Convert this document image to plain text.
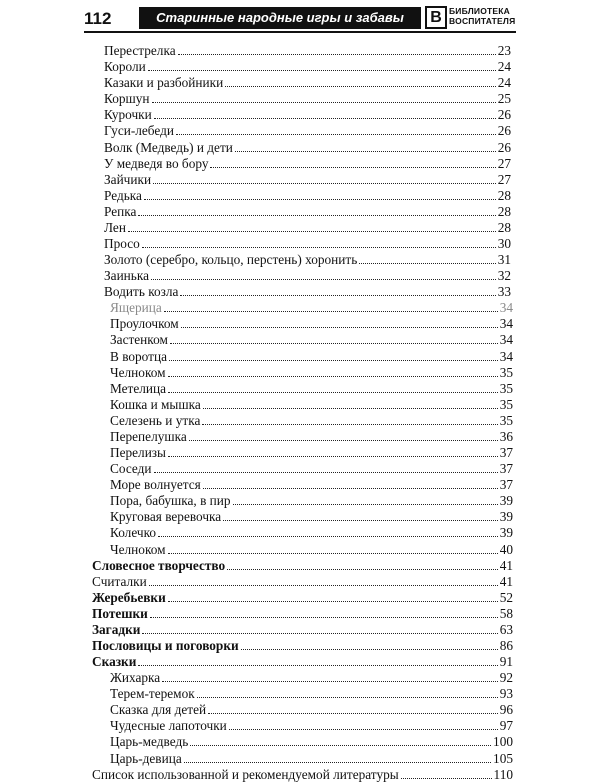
112	Старинные народные игры и забавы	В БИБЛИОТЕКА
ВОСПИТАТЕЛЯ
Перестрелка	23
Короли	24
Казаки и разбойники	24
Коршун	25
Курочки	26
Гуси-лебеди	26
Волк (Медведь) и дети	26
У медведя во бору	27
Зайчики	27
Редька	28
Репка	28
Лен	28
Просо	30
Золото (серебро, кольцо, перстень) хоронить	31
Заинька	32
Водить козла	33
Ящерица	34
Проулочком	34
Застенком	34
В воротца	34
Челноком	35
Метелица	35
Кошка и мышка	35
Селезень и утка	35
Перепелушка	36
Перелизы	37
Соседи	37
Море волнуется	37
Пора, бабушка, в пир	39
Круговая веревочка	39
Колечко	39
Челноком	40
Словесное творчество	41
Считалки	41
Жеребьевки	52
Потешки	58
Загадки	63
Пословицы и поговорки	86
Сказки	91
Жихарка	92
Терем-теремок	93
Сказка для детей	96
Чудесные лапоточки	97
Царь-медведь	100
Царь-девица	105
Список использованной и рекомендуемой литературы	110
